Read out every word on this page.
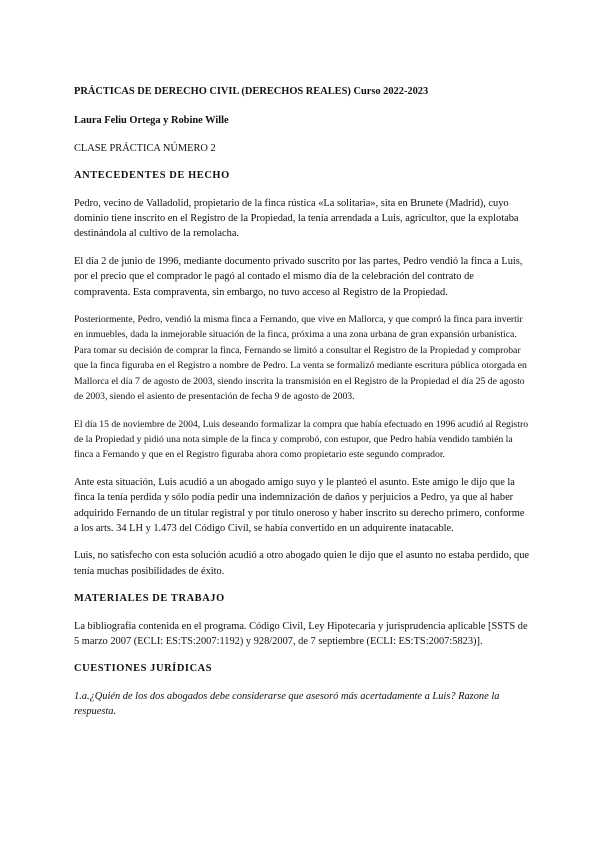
PRÁCTICAS DE DERECHO CIVIL (DERECHOS REALES) Curso 2022-2023
Laura Feliu Ortega y Robine Wille
CLASE PRÁCTICA NÚMERO 2
ANTECEDENTES DE HECHO
Pedro, vecino de Valladolid, propietario de la finca rústica «La solitaria», sita en Brunete (Madrid), cuyo dominio tiene inscrito en el Registro de la Propiedad, la tenía arrendada a Luis, agricultor, que la explotaba destinándola al cultivo de la remolacha.
El día 2 de junio de 1996, mediante documento privado suscrito por las partes, Pedro vendió la finca a Luis, por el precio que el comprador le pagó al contado el mismo día de la celebración del contrato de compraventa. Esta compraventa, sin embargo, no tuvo acceso al Registro de la Propiedad.
Posteriormente, Pedro, vendió la misma finca a Fernando, que vive en Mallorca, y que compró la finca para invertir en inmuebles, dada la inmejorable situación de la finca, próxima a una zona urbana de gran expansión urbanística. Para tomar su decisión de comprar la finca, Fernando se limitó a consultar el Registro de la Propiedad y comprobar que la finca figuraba en el Registro a nombre de Pedro. La venta se formalizó mediante escritura pública otorgada en Mallorca el día 7 de agosto de 2003, siendo inscrita la transmisión en el Registro de la Propiedad el día 25 de agosto de 2003, siendo el asiento de presentación de fecha 9 de agosto de 2003.
El día 15 de noviembre de 2004, Luis deseando formalizar la compra que había efectuado en 1996 acudió al Registro de la Propiedad y pidió una nota simple de la finca y comprobó, con estupor, que Pedro había vendido también la finca a Fernando y que en el Registro figuraba ahora como propietario este segundo comprador.
Ante esta situación, Luis acudió a un abogado amigo suyo y le planteó el asunto. Este amigo le dijo que la finca la tenía perdida y sólo podía pedir una indemnización de daños y perjuicios a Pedro, ya que al haber adquirido Fernando de un titular registral y por título oneroso y haber inscrito su derecho primero, conforme a los arts. 34 LH y 1.473 del Código Civil, se había convertido en un adquirente inatacable.
Luis, no satisfecho con esta solución acudió a otro abogado quien le dijo que el asunto no estaba perdido, que tenía muchas posibilidades de éxito.
MATERIALES DE TRABAJO
La bibliografía contenida en el programa. Código Civil, Ley Hipotecaria y jurisprudencia aplicable [SSTS de 5 marzo 2007 (ECLI: ES:TS:2007:1192) y 928/2007, de 7 septiembre (ECLI: ES:TS:2007:5823)].
CUESTIONES JURÍDICAS
1.a.¿Quién de los dos abogados debe considerarse que asesoró más acertadamente a Luis? Razone la respuesta.
